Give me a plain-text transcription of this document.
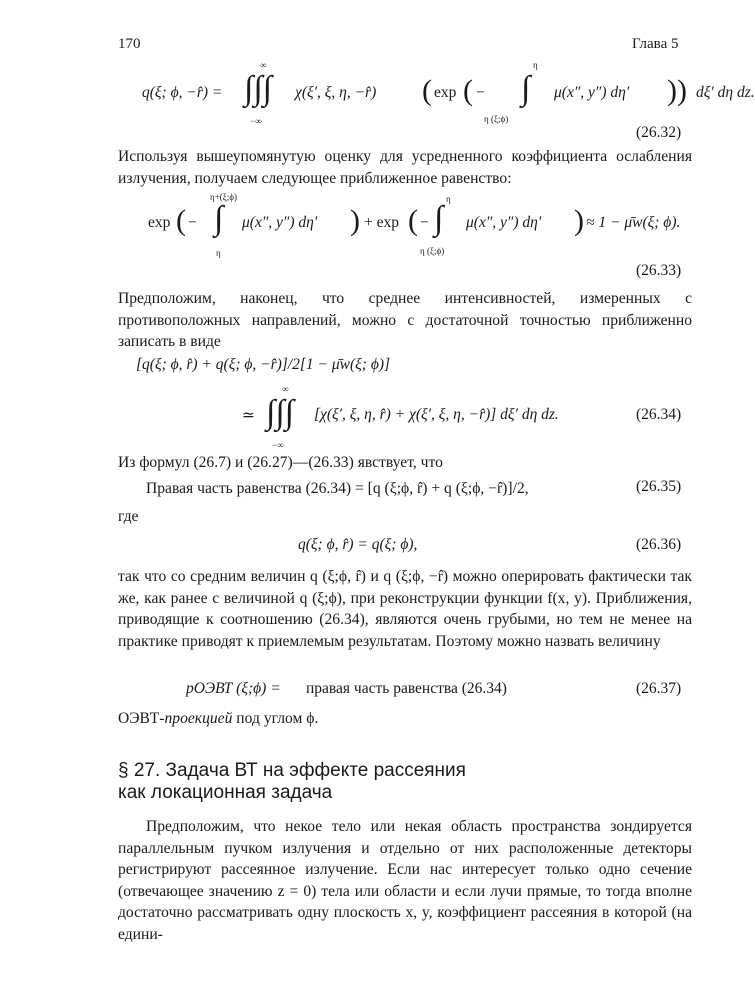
170	Глава 5
q(ξ; ϕ, −r̂) =
∞
∫∫∫
−∞
χ(ξ′, ξ, η, −r̂) ( exp ( −
η
∫
η (ξ;ϕ)
μ(x″, y″) dη′ )) dξ′ dη dz.
(26.32)
Используя вышеупомянутую оценку для усредненного коэффициента ослабления излучения, получаем следующее приближенное равенство:
exp ( −
η+(ξ;ϕ)
∫
η
μ(x″, y″) dη′ ) + exp ( −
η
∫
η (ξ;ϕ)
μ(x″, y″) dη′ ) ≈ 1 − μ̄w(ξ; ϕ).
(26.33)
Предположим, наконец, что среднее интенсивностей, измеренных с противоположных направлений, можно с достаточной точностью приближенно записать в виде
[q(ξ; ϕ, r̂) + q(ξ; ϕ, −r̂)]/2[1 − μ̄w(ξ; ϕ)]
≃
∞
∫∫∫
−∞
[χ(ξ′, ξ, η, r̂) + χ(ξ′, ξ, η, −r̂)] dξ′ dη dz.	(26.34)
Из формул (26.7) и (26.27)—(26.33) явствует, что
Правая часть равенства (26.34) = [q (ξ;ϕ, r̂) + q (ξ;ϕ, −r̂)]/2,	(26.35)
где
q(ξ; ϕ, r̂) = q(ξ; ϕ),	(26.36)
так что со средним величин q (ξ;ϕ, r̂) и q (ξ;ϕ, −r̂) можно оперировать фактически так же, как ранее с величиной q (ξ;ϕ), при реконструкции функции f(x, y). Приближения, приводящие к соотношению (26.34), являются очень грубыми, но тем не менее на практике приводят к приемлемым результатам. Поэтому можно назвать величину
pОЭВТ (ξ;ϕ) = правая часть равенства (26.34)	(26.37)
ОЭВТ-проекцией под углом ϕ.
§ 27. Задача ВТ на эффекте рассеяния
как локационная задача
Предположим, что некое тело или некая область пространства зондируется параллельным пучком излучения и отдельно от них расположенные детекторы регистрируют рассеянное излучение. Если нас интересует только одно сечение (отвечающее значению z = 0) тела или области и если лучи прямые, то тогда вполне достаточно рассматривать одну плоскость x, y, коэффициент рассеяния в которой (на едини-
